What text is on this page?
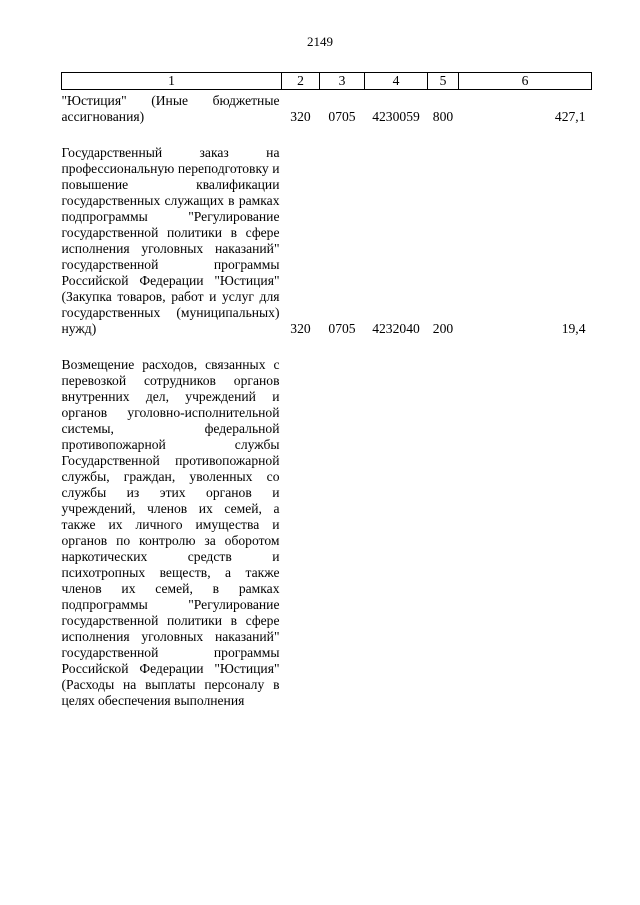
2149
1	2	3	4	5	6
"Юстиция" (Иные бюджетные ассигнования)	320	0705	4230059	800	427,1

Государственный заказ на профессиональную переподготовку и повышение квалификации государственных служащих в рамках подпрограммы "Регулирование государственной политики в сфере исполнения уголовных наказаний" государственной программы Российской Федерации "Юстиция" (Закупка товаров, работ и услуг для государственных (муниципальных) нужд)	320	0705	4232040	200	19,4

Возмещение расходов, связанных с перевозкой сотрудников органов внутренних дел, учреждений и органов уголовно-исполнительной системы, федеральной противопожарной службы Государственной противопожарной службы, граждан, уволенных со службы из этих органов и учреждений, членов их семей, а также их личного имущества и органов по контролю за оборотом наркотических средств и психотропных веществ, а также членов их семей, в рамках подпрограммы "Регулирование государственной политики в сфере исполнения уголовных наказаний" государственной программы Российской Федерации "Юстиция" (Расходы на выплаты персоналу в целях обеспечения выполнения					
